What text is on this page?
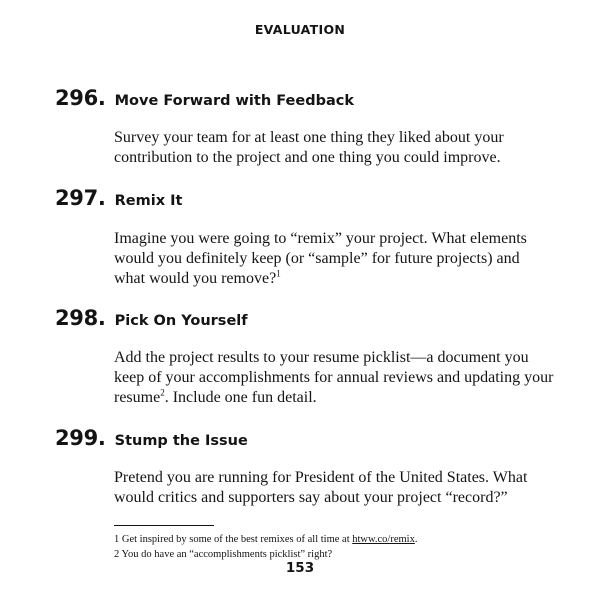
EVALUATION
296. Move Forward with Feedback
Survey your team for at least one thing they liked about your contribution to the project and one thing you could improve.
297. Remix It
Imagine you were going to “remix” your project. What elements would you definitely keep (or “sample” for future projects) and what would you remove?$^1$
298. Pick On Yourself
Add the project results to your resume picklist—a document you keep of your accomplishments for annual reviews and updating your resume$^2$. Include one fun detail.
299. Stump the Issue
Pretend you are running for President of the United States. What would critics and supporters say about your project “record?”
1 Get inspired by some of the best remixes of all time at htww.co/remix.
2 You do have an “accomplishments picklist” right?
153
